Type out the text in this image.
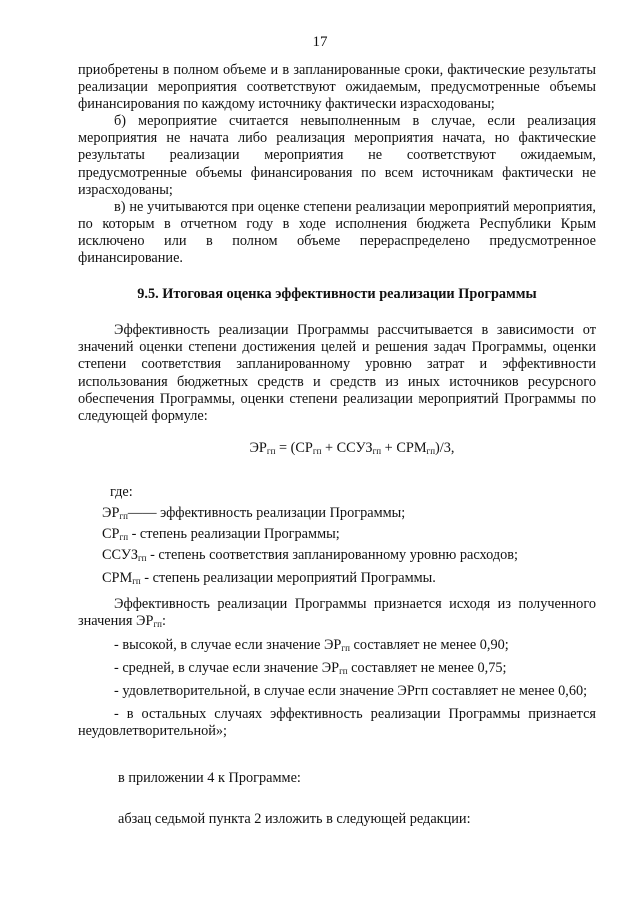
17

приобретены в полном объеме и в запланированные сроки, фактические результаты реализации мероприятия соответствуют ожидаемым, предусмотренные объемы финансирования по каждому источнику фактически израсходованы;

б) мероприятие считается невыполненным в случае, если реализация мероприятия не начата либо реализация мероприятия начата, но фактические результаты реализации мероприятия не соответствуют ожидаемым, предусмотренные объемы финансирования по всем источникам фактически не израсходованы;

в) не учитываются при оценке степени реализации мероприятий мероприятия, по которым в отчетном году в ходе исполнения бюджета Республики Крым исключено или в полном объеме перераспределено предусмотренное финансирование.

9.5. Итоговая оценка эффективности реализации Программы

Эффективность реализации Программы рассчитывается в зависимости от значений оценки степени достижения целей и решения задач Программы, оценки степени соответствия запланированному уровню затрат и эффективности использования бюджетных средств и средств из иных источников ресурсного обеспечения Программы, оценки степени реализации мероприятий Программы по следующей формуле:

$ЭР_{гп} = (СР_{гп}$ + $ССУЗ_{гп} + СРМ_{гп})/3$,

где:

$ЭР_{гп}——$ эффективность реализации Программы;

$СР_{гп}$ - степень реализации Программы;

$ССУЗ_{гп}$ - степень соответствия запланированному уровню расходов;

$СРМ_{гп}$ - степень реализации мероприятий Программы.

Эффективность реализации Программы признается исходя из полученного значения $ЭР_{гп}$:

- высокой, в случае если значение $ЭР_{гп}$ составляет не менее 0,90;

- средней, в случае если значение $ЭР_{гп}$ составляет не менее 0,75;

- удовлетворительной, в случае если значение ЭРгп составляет не менее 0,60;

- в остальных случаях эффективность реализации Программы признается неудовлетворительной»;

в приложении 4 к Программе:

абзац седьмой пункта 2 изложить в следующей редакции:
